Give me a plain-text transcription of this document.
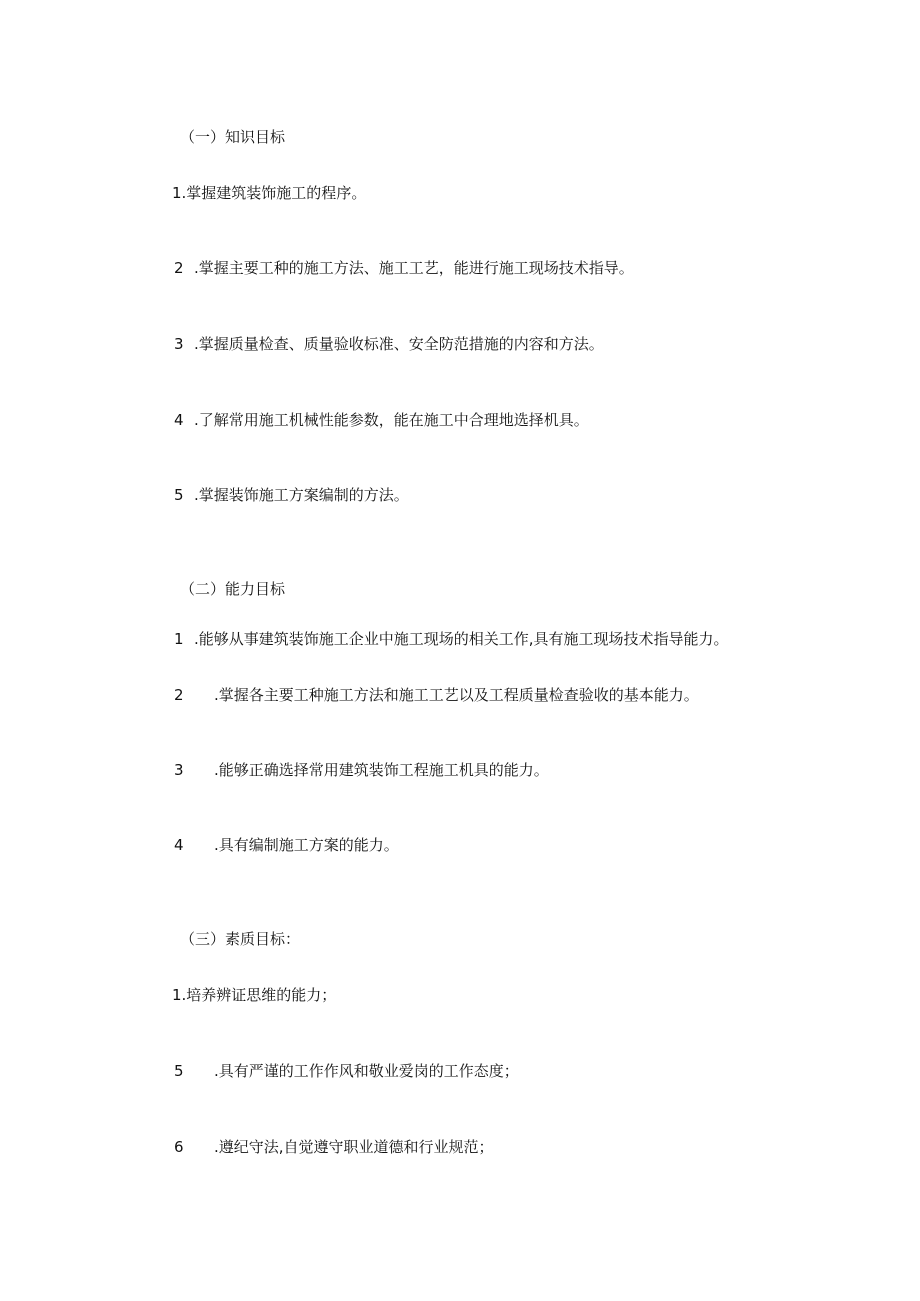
（一）知识目标
1.掌握建筑装饰施工的程序。
2 .掌握主要工种的施工方法、施工工艺，能进行施工现场技术指导。
3 .掌握质量检查、质量验收标准、安全防范措施的内容和方法。
4 .了解常用施工机械性能参数，能在施工中合理地选择机具。
5 .掌握装饰施工方案编制的方法。
（二）能力目标
1 .能够从事建筑装饰施工企业中施工现场的相关工作,具有施工现场技术指导能力。
2 .掌握各主要工种施工方法和施工工艺以及工程质量检查验收的基本能力。
3 .能够正确选择常用建筑装饰工程施工机具的能力。
4 .具有编制施工方案的能力。
（三）素质目标：
1.培养辨证思维的能力；
5 .具有严谨的工作作风和敬业爱岗的工作态度；
6 .遵纪守法,自觉遵守职业道德和行业规范；
